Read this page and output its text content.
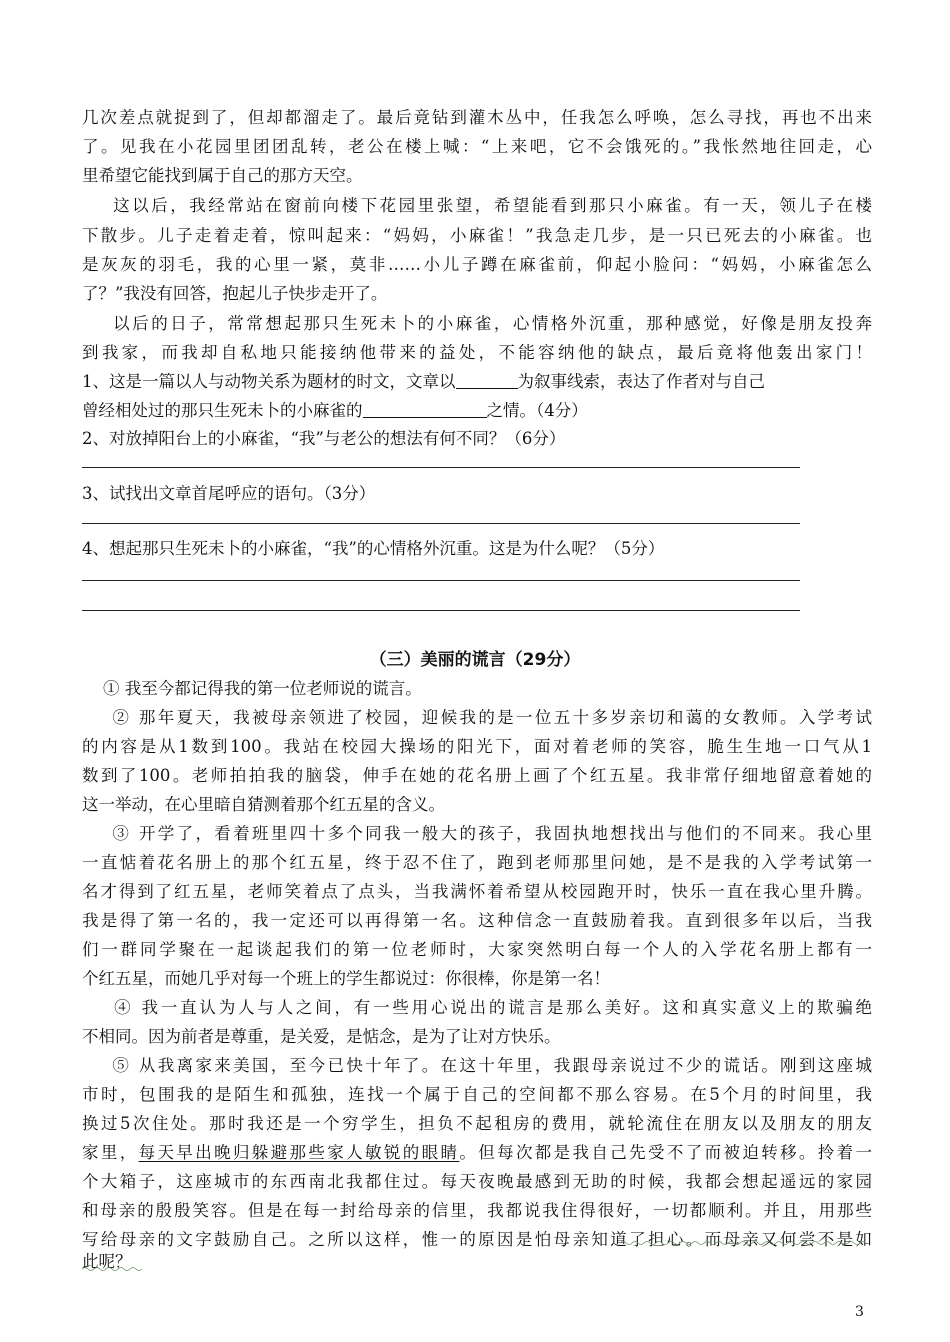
几次差点就捉到了，但却都溜走了。最后竟钻到灌木丛中，任我怎么呼唤，怎么寻找，再也不出来
了。见我在小花园里团团乱转，老公在楼上喊：“上来吧，它不会饿死的。”我怅然地往回走，心
里希望它能找到属于自己的那方天空。
这以后，我经常站在窗前向楼下花园里张望，希望能看到那只小麻雀。有一天，领儿子在楼
下散步。儿子走着走着，惊叫起来：“妈妈，小麻雀！”我急走几步，是一只已死去的小麻雀。也
是灰灰的羽毛，我的心里一紧，莫非……小儿子蹲在麻雀前，仰起小脸问：“妈妈，小麻雀怎么
了？”我没有回答，抱起儿子快步走开了。
以后的日子，常常想起那只生死未卜的小麻雀，心情格外沉重，那种感觉，好像是朋友投奔
到我家，而我却自私地只能接纳他带来的益处，不能容纳他的缺点，最后竟将他轰出家门！
1、这是一篇以人与动物关系为题材的时文，文章以	为叙事线索，表达了作者对与自己
曾经相处过的那只生死未卜的小麻雀的	之情。（4分）
2、对放掉阳台上的小麻雀，“我”与老公的想法有何不同？（6分）
3、试找出文章首尾呼应的语句。（3分）
4、想起那只生死未卜的小麻雀，“我”的心情格外沉重。这是为什么呢？（5分）
（三）美丽的谎言（29分）
① 我至今都记得我的第一位老师说的谎言。
② 那年夏天，我被母亲领进了校园，迎候我的是一位五十多岁亲切和蔼的女教师。入学考试
的内容是从1数到100。我站在校园大操场的阳光下，面对着老师的笑容，脆生生地一口气从1
数到了100。老师拍拍我的脑袋，伸手在她的花名册上画了个红五星。我非常仔细地留意着她的
这一举动，在心里暗自猜测着那个红五星的含义。
③ 开学了，看着班里四十多个同我一般大的孩子，我固执地想找出与他们的不同来。我心里
一直惦着花名册上的那个红五星，终于忍不住了，跑到老师那里问她，是不是我的入学考试第一
名才得到了红五星，老师笑着点了点头，当我满怀着希望从校园跑开时，快乐一直在我心里升腾。
我是得了第一名的，我一定还可以再得第一名。这种信念一直鼓励着我。直到很多年以后，当我
们一群同学聚在一起谈起我们的第一位老师时，大家突然明白每一个人的入学花名册上都有一
个红五星，而她几乎对每一个班上的学生都说过：你很棒，你是第一名！
④ 我一直认为人与人之间，有一些用心说出的谎言是那么美好。这和真实意义上的欺骗绝
不相同。因为前者是尊重，是关爱，是惦念，是为了让对方快乐。
⑤ 从我离家来美国，至今已快十年了。在这十年里，我跟母亲说过不少的谎话。刚到这座城
市时，包围我的是陌生和孤独，连找一个属于自己的空间都不那么容易。在5个月的时间里，我
换过5次住处。那时我还是一个穷学生，担负不起租房的费用，就轮流住在朋友以及朋友的朋友
家里，每天早出晚归躲避那些家人敏锐的眼睛。但每次都是我自己先受不了而被迫转移。拎着一
个大箱子，这座城市的东西南北我都住过。每天夜晚最感到无助的时候，我都会想起遥远的家园
和母亲的殷殷笑容。但是在每一封给母亲的信里，我都说我住得很好，一切都顺利。并且，用那些
写给母亲的文字鼓励自己。之所以这样，惟一的原因是怕母亲知道了担心。而母亲又何尝不是如
此呢？
3
